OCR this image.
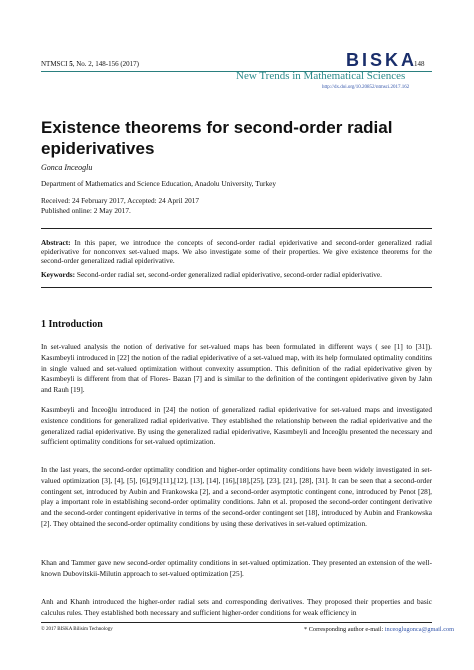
NTMSCI 5, No. 2, 148-156 (2017)	BISKA
148
New Trends in Mathematical Sciences
http://dx.doi.org/10.20852/ntmsci.2017.162
Existence theorems for second-order radial epiderivatives
Gonca Inceoglu
Department of Mathematics and Science Education, Anadolu University, Turkey
Received: 24 February 2017, Accepted: 24 April 2017
Published online: 2 May 2017.
Abstract: In this paper, we introduce the concepts of second-order radial epiderivative and second-order generalized radial epiderivative for nonconvex set-valued maps. We also investigate some of their properties. We give existence theorems for the second-order generalized radial epiderivative.
Keywords: Second-order radial set, second-order generalized radial epiderivative, second-order radial epiderivative.
1 Introduction

In set-valued analysis the notion of derivative for set-valued maps has been formulated in different ways ( see [1] to [31]). Kasımbeyli introduced in [22] the notion of the radial epiderivative of a set-valued map, with its help formulated optimality conditins in single valued and set-valued optimization without convexity assumption. This definition of the radial epiderivative given by Kasımbeyli is different from that of Flores- Bazan [7] and is similar to the definition of the contingent epiderivative given by Jahn and Rauh [19].

Kasımbeyli and İnceoğlu introduced in [24] the notion of generalized radial epiderivative for set-valued maps and investigated existence conditions for generalized radial epiderivative. They established the relationship between the radial epiderivative and the generalized radial epiderivative. By using the generalized radial epiderivative, Kasımbeyli and İnceoğlu presented the necessary and sufficient optimality conditions for set-valued optimization.

In the last years, the second-order optimality condition and higher-order optimality conditions have been widely investigated in set-valued optimization [3], [4], [5], [6],[9],[11],[12], [13], [14], [16],[18],[25], [23], [21], [28], [31]. It can be seen that a second-order contingent set, introduced by Aubin and Frankowska [2], and a second-order asymptotic contingent cone, introduced by Penot [28], play a important role in establishing second-order optimality conditions. Jahn et al. proposed the second-order contingent derivative and the second-order contingent epiderivative in terms of the second-order contingent set [18], introduced by Aubin and Frankowska [2]. They obtained the second-order optimality conditions by using these derivatives in set-valued optimization.

Khan and Tammer gave new second-order optimality conditions in set-valued optimization. They presented an extension of the well-known Dubovitskii-Milutin approach to set-valued optimization [25].

Anh and Khanh introduced the higher-order radial sets and corresponding derivatives. They proposed their properties and basic calculus rules. They established both necessary and sufficient higher-order conditions for weak efficiency in

© 2017 BISKA Bilisim Technology	* Corresponding author e-mail: inceoglugonca@gmail.com
